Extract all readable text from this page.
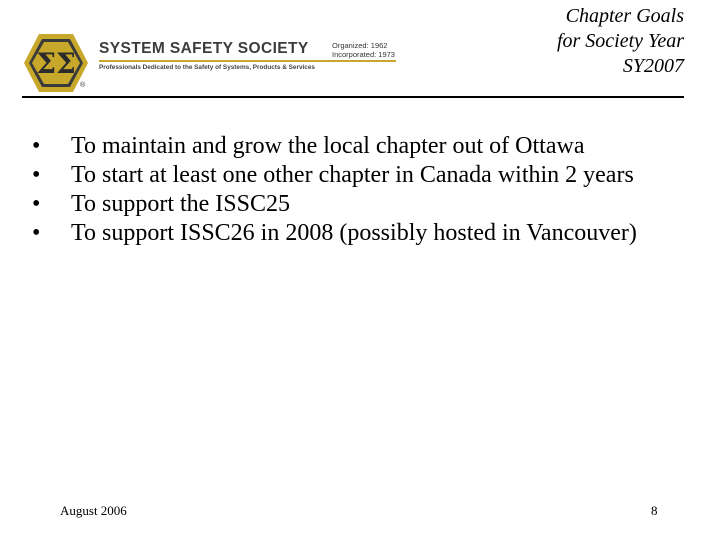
ΣΣ
®
SYSTEM SAFETY SOCIETY	Organized: 1962
Incorporated: 1973
Professionals Dedicated to the Safety of Systems, Products & Services
Chapter Goals
for Society Year
SY2007
•	To maintain and grow the local chapter out of Ottawa
•	To start at least one other chapter in Canada within 2 years
•	To support the ISSC25
•	To support ISSC26 in 2008 (possibly hosted in Vancouver)
August 2006	8
